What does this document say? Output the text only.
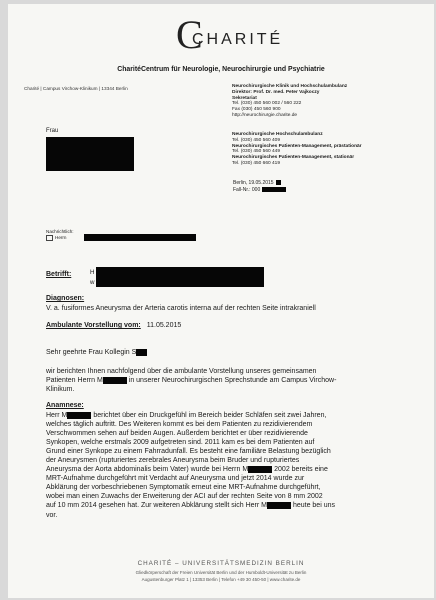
C
CHARITÉ
CharitéCentrum für Neurologie, Neurochirurgie und Psychiatrie
Charité | Campus Virchow-Klinikum | 13344 Berlin	Neurochirurgische Klinik und Hochschulambulanz
Direktor: Prof. Dr. med. Peter Vajkoczy
Sekretariat
Tel. (030) 450 560 002 / 560 222
Fax (030) 450 560 900
http://neurochirurgie.charite.de
Neurochirurgische Hochschulambulanz
Tel. (030) 450 560 409
Neurochirurgisches Patienten-Management, prästationär
Tel. (030) 450 560 449
Neurochirurgisches Patienten-Management, stationär
Tel. (030) 450 660 419
Frau
Berlin, 19.05.2015
Fall-Nr.: 000
Nachrichtlich:
Herrn
Betrifft:	H
w
Diagnosen:
V. a. fusiformes Aneurysma der Arteria carotis interna auf der rechten Seite intrakraniell
Ambulante Vorstellung vom: 11.05.2015
Sehr geehrte Frau Kollegin S
wir berichten Ihnen nachfolgend über die ambulante Vorstellung unseres gemeinsamen
Patienten Herrn M	in unserer Neurochirurgischen Sprechstunde am Campus Virchow-
Klinikum.
Anamnese:
Herr M	berichtet über ein Druckgefühl im Bereich beider Schläfen seit zwei Jahren,
welches täglich auftritt. Des Weiteren kommt es bei dem Patienten zu rezidivierendem
Verschwommen sehen auf beiden Augen. Außerdem berichtet er über rezidivierende
Synkopen, welche erstmals 2009 aufgetreten sind. 2011 kam es bei dem Patienten auf
Grund einer Synkope zu einem Fahrradunfall. Es besteht eine familiäre Belastung bezüglich
der Aneurysmen (rupturiertes zerebrales Aneurysma beim Bruder und rupturiertes
Aneurysma der Aorta abdominalis beim Vater) wurde bei Herrn M	2002 bereits eine
MRT-Aufnahme durchgeführt mit Verdacht auf Aneurysma und jetzt 2014 wurde zur
Abklärung der vorbeschriebenen Symptomatik erneut eine MRT-Aufnahme durchgeführt,
wobei man einen Zuwachs der Erweiterung der ACI auf der rechten Seite von 8 mm 2002
auf 10 mm 2014 gesehen hat. Zur weiteren Abklärung stellt sich Herr M	heute bei uns
vor.
CHARITÉ – UNIVERSITÄTSMEDIZIN BERLIN
Gliedkörperschaft der Freien Universität Berlin und der Humboldt-Universität zu Berlin
Augustenburger Platz 1 | 13353 Berlin | Telefon +49 30 450-50 | www.charite.de
